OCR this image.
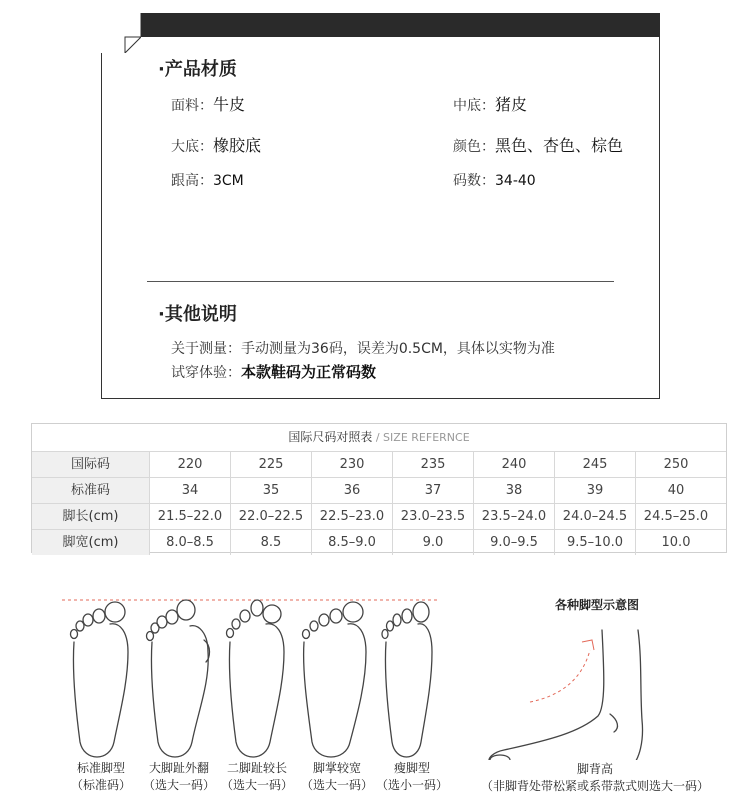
·产品材质
面料：牛皮	中底：猪皮
大底：橡胶底	颜色：黑色、杏色、棕色
跟高：3CM	码数：34-40
·其他说明
关于测量：手动测量为36码，误差为0.5CM，具体以实物为准
试穿体验：本款鞋码为正常码数
国际尺码对照表 / SIZE REFERNCE
国际码	220	225	230	235	240	245	250
标准码	34	35	36	37	38	39	40
脚长(cm)	21.5–22.0	22.0–22.5	22.5–23.0	23.0–23.5	23.5–24.0	24.0–24.5	24.5–25.0
脚宽(cm)	8.0–8.5	8.5	8.5–9.0	9.0	9.0–9.5	9.5–10.0	10.0
各种脚型示意图
标准脚型
（标准码）
大脚趾外翻
（选大一码）
二脚趾较长
（选大一码）
脚掌较宽
（选大一码）
瘦脚型
（选小一码）
脚背高
（非脚背处带松紧或系带款式则选大一码）
